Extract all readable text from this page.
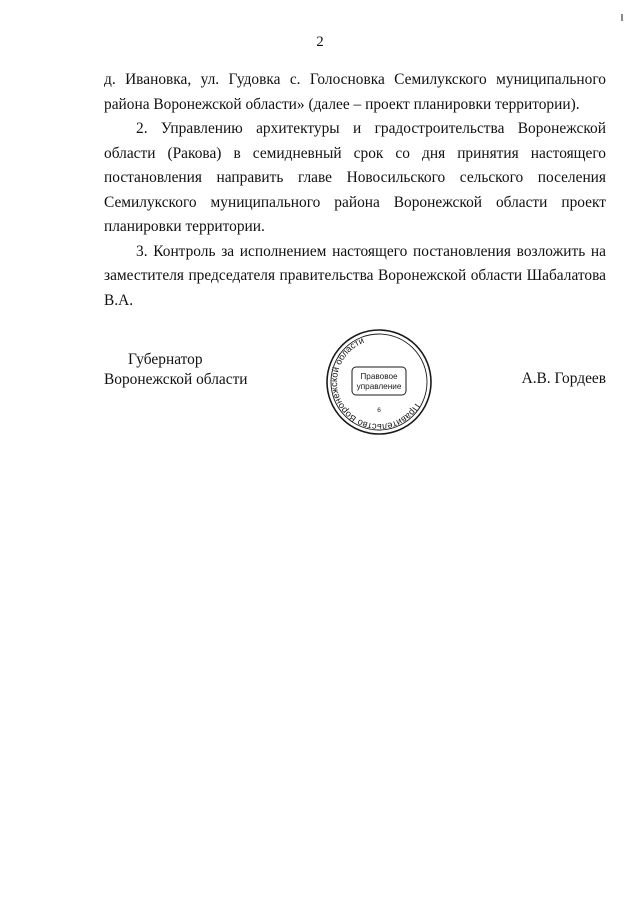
2

д. Ивановка, ул. Гудовка с. Голосновка Семилукского муниципального района Воронежской области» (далее – проект планировки территории).

2. Управлению архитектуры и градостроительства Воронежской области (Ракова) в семидневный срок со дня принятия настоящего постановления направить главе Новосильского сельского поселения Семилукского муниципального района Воронежской области проект планировки территории.

3. Контроль за исполнением настоящего постановления возложить на заместителя председателя правительства Воронежской области Шабалатова В.А.

Губернатор
Воронежской области
Правительство Воронежской области
Правовое
управление
6
А.В. Гордеев
